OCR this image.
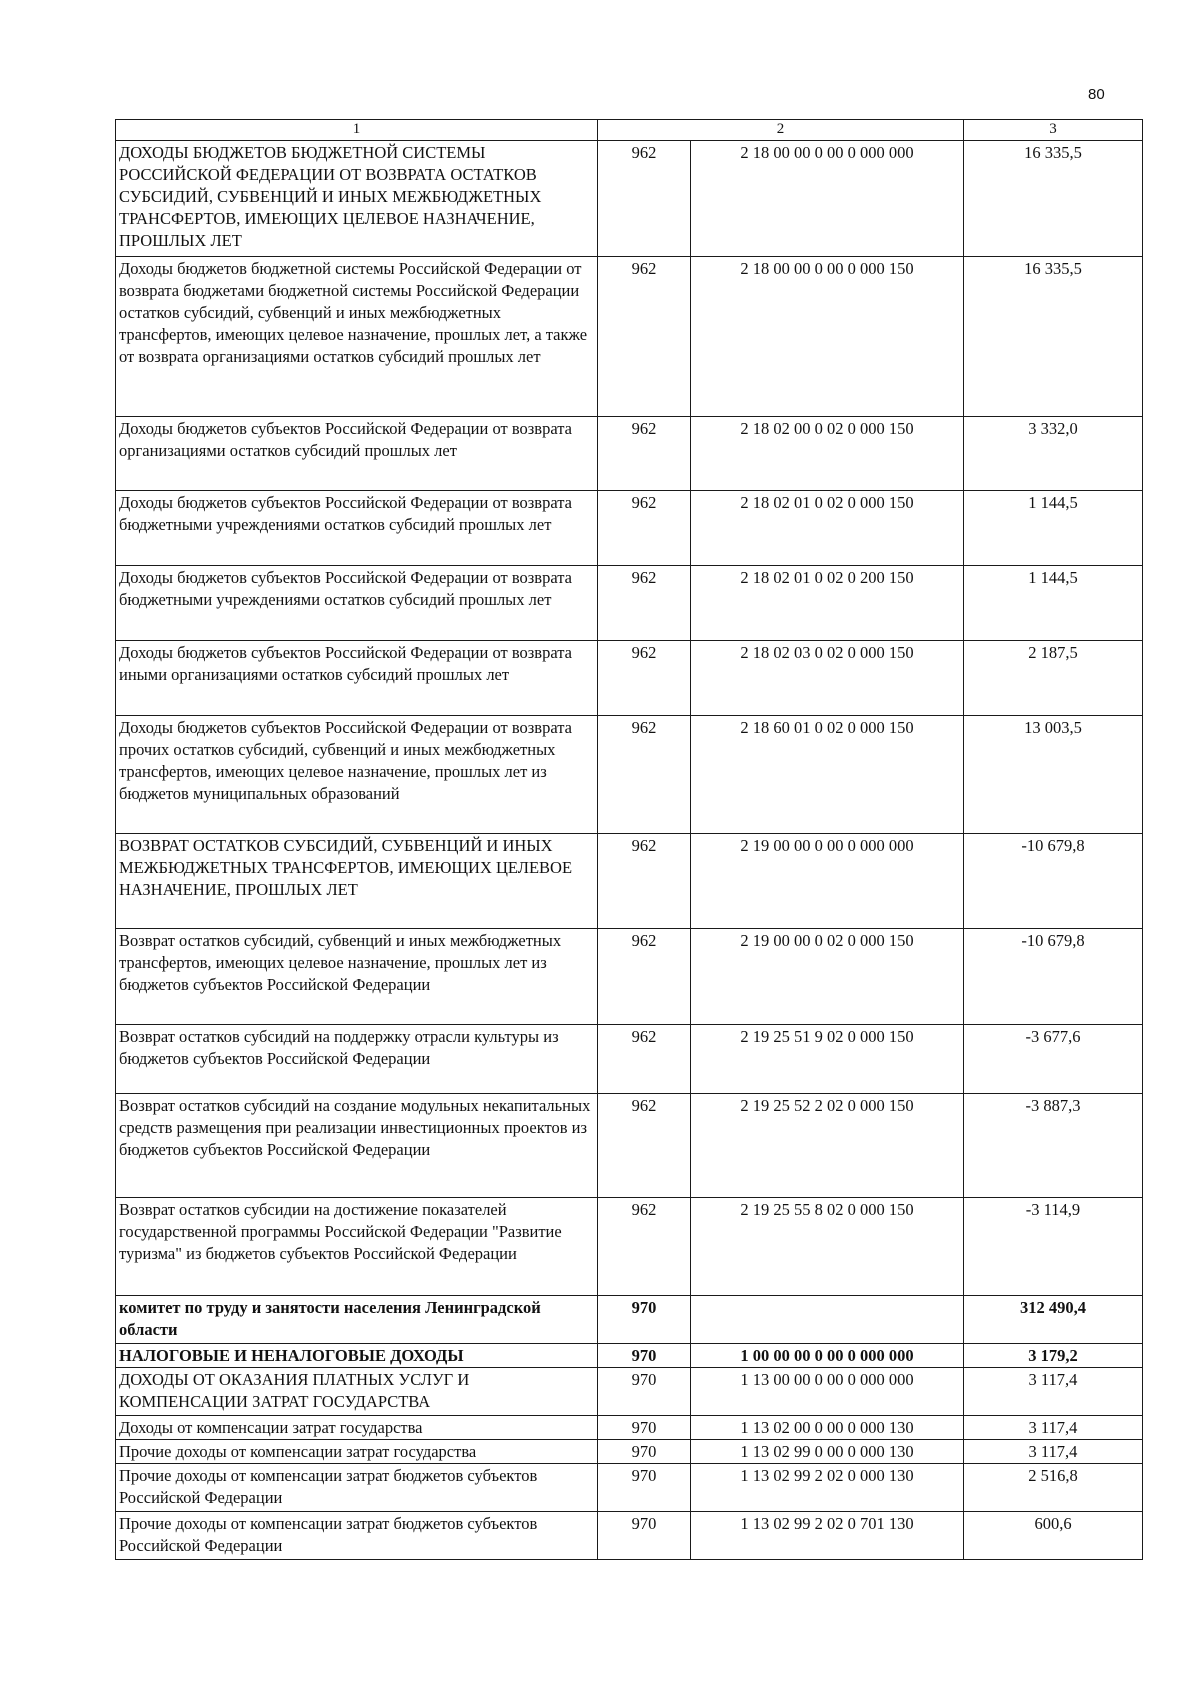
80
1	2		3
ДОХОДЫ БЮДЖЕТОВ БЮДЖЕТНОЙ СИСТЕМЫ РОССИЙСКОЙ ФЕДЕРАЦИИ ОТ ВОЗВРАТА ОСТАТКОВ СУБСИДИЙ, СУБВЕНЦИЙ И ИНЫХ МЕЖБЮДЖЕТНЫХ ТРАНСФЕРТОВ, ИМЕЮЩИХ ЦЕЛЕВОЕ НАЗНАЧЕНИЕ, ПРОШЛЫХ ЛЕТ	962	2 18 00 00 0 00 0 000 000	16 335,5
Доходы бюджетов бюджетной системы Российской Федерации от возврата бюджетами бюджетной системы Российской Федерации остатков субсидий, субвенций и иных межбюджетных трансфертов, имеющих целевое назначение, прошлых лет, а также от возврата организациями остатков субсидий прошлых лет	962	2 18 00 00 0 00 0 000 150	16 335,5
Доходы бюджетов субъектов Российской Федерации от возврата организациями остатков субсидий прошлых лет	962	2 18 02 00 0 02 0 000 150	3 332,0
Доходы бюджетов субъектов Российской Федерации от возврата бюджетными учреждениями остатков субсидий прошлых лет	962	2 18 02 01 0 02 0 000 150	1 144,5
Доходы бюджетов субъектов Российской Федерации от возврата бюджетными учреждениями остатков субсидий прошлых лет	962	2 18 02 01 0 02 0 200 150	1 144,5
Доходы бюджетов субъектов Российской Федерации от возврата иными организациями остатков субсидий прошлых лет	962	2 18 02 03 0 02 0 000 150	2 187,5
Доходы бюджетов субъектов Российской Федерации от возврата прочих остатков субсидий, субвенций и иных межбюджетных трансфертов, имеющих целевое назначение, прошлых лет из бюджетов муниципальных образований	962	2 18 60 01 0 02 0 000 150	13 003,5
ВОЗВРАТ ОСТАТКОВ СУБСИДИЙ, СУБВЕНЦИЙ И ИНЫХ МЕЖБЮДЖЕТНЫХ ТРАНСФЕРТОВ, ИМЕЮЩИХ ЦЕЛЕВОЕ НАЗНАЧЕНИЕ, ПРОШЛЫХ ЛЕТ	962	2 19 00 00 0 00 0 000 000	-10 679,8
Возврат остатков субсидий, субвенций и иных межбюджетных трансфертов, имеющих целевое назначение, прошлых лет из бюджетов субъектов Российской Федерации	962	2 19 00 00 0 02 0 000 150	-10 679,8
Возврат остатков субсидий на поддержку отрасли культуры из бюджетов субъектов Российской Федерации	962	2 19 25 51 9 02 0 000 150	-3 677,6
Возврат остатков субсидий на создание модульных некапитальных средств размещения при реализации инвестиционных проектов из бюджетов субъектов Российской Федерации	962	2 19 25 52 2 02 0 000 150	-3 887,3
Возврат остатков субсидии на достижение показателей государственной программы Российской Федерации "Развитие туризма" из бюджетов субъектов Российской Федерации	962	2 19 25 55 8 02 0 000 150	-3 114,9
комитет по труду и занятости населения Ленинградской области	970		312 490,4
НАЛОГОВЫЕ И НЕНАЛОГОВЫЕ ДОХОДЫ	970	1 00 00 00 0 00 0 000 000	3 179,2
ДОХОДЫ ОТ ОКАЗАНИЯ ПЛАТНЫХ УСЛУГ И КОМПЕНСАЦИИ ЗАТРАТ ГОСУДАРСТВА	970	1 13 00 00 0 00 0 000 000	3 117,4
Доходы от компенсации затрат государства	970	1 13 02 00 0 00 0 000 130	3 117,4
Прочие доходы от компенсации затрат государства	970	1 13 02 99 0 00 0 000 130	3 117,4
Прочие доходы от компенсации затрат бюджетов субъектов Российской Федерации	970	1 13 02 99 2 02 0 000 130	2 516,8
Прочие доходы от компенсации затрат бюджетов субъектов Российской Федерации	970	1 13 02 99 2 02 0 701 130	600,6
